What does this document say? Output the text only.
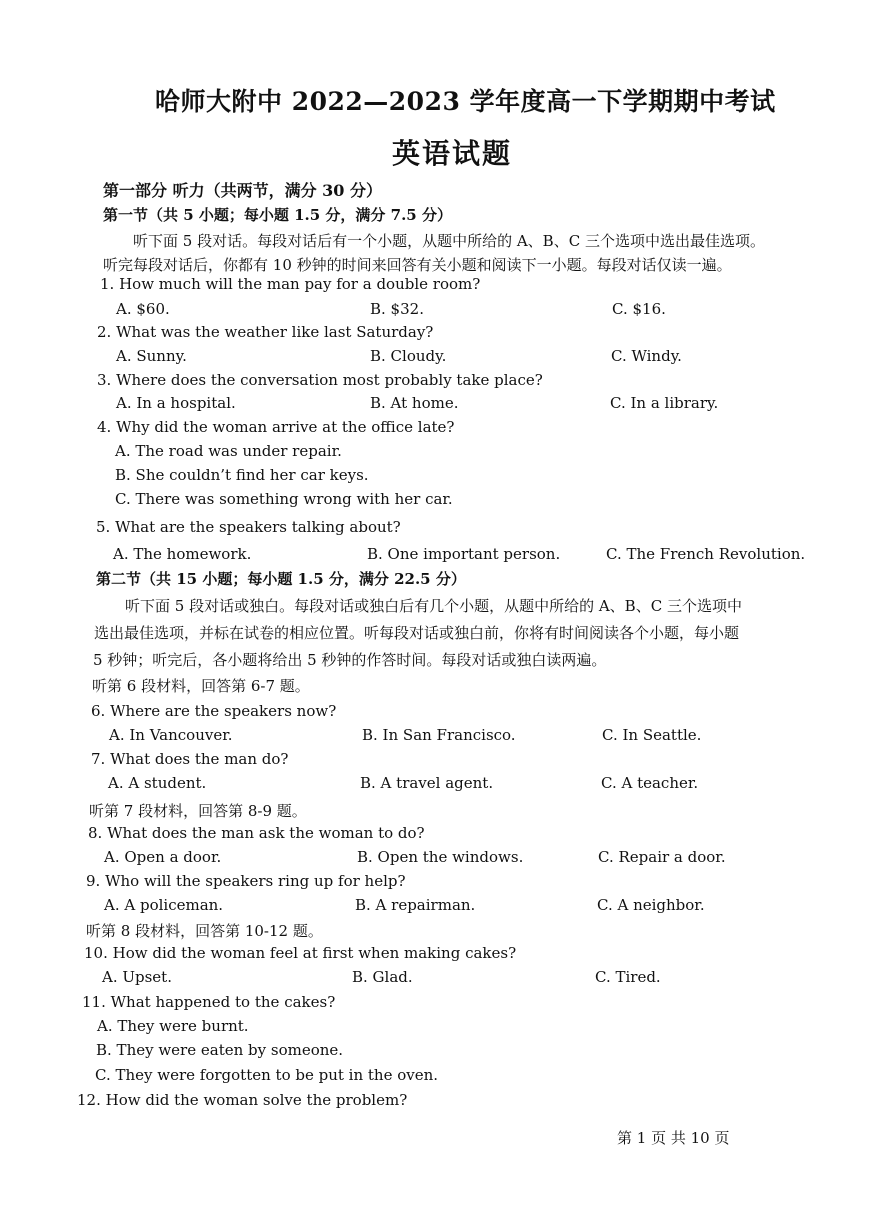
哈师大附中 2022—2023 学年度高一下学期期中考试
英语试题
第一部分 听力（共两节，满分 30 分）
第一节（共 5 小题；每小题 1.5 分，满分 7.5 分）
听下面 5 段对话。每段对话后有一个小题，从题中所给的 A、B、C 三个选项中选出最佳选项。
听完每段对话后，你都有 10 秒钟的时间来回答有关小题和阅读下一小题。每段对话仅读一遍。
1. How much will the man pay for a double room?
A. $60.	B. $32.	C. $16.
2. What was the weather like last Saturday?
A. Sunny.	B. Cloudy.	C. Windy.
3. Where does the conversation most probably take place?
A. In a hospital.	B. At home.	C. In a library.
4. Why did the woman arrive at the office late?
A. The road was under repair.
B. She couldn’t find her car keys.
C. There was something wrong with her car.
5. What are the speakers talking about?
A. The homework.	B. One important person.	C. The French Revolution.
第二节（共 15 小题；每小题 1.5 分，满分 22.5 分）
听下面 5 段对话或独白。每段对话或独白后有几个小题，从题中所给的 A、B、C 三个选项中
选出最佳选项，并标在试卷的相应位置。听每段对话或独白前，你将有时间阅读各个小题，每小题
5 秒钟；听完后，各小题将给出 5 秒钟的作答时间。每段对话或独白读两遍。
听第 6 段材料，回答第 6-7 题。
6. Where are the speakers now?
A. In Vancouver.	B. In San Francisco.	C. In Seattle.
7. What does the man do?
A. A student.	B. A travel agent.	C. A teacher.
听第 7 段材料，回答第 8-9 题。
8. What does the man ask the woman to do?
A. Open a door.	B. Open the windows.	C. Repair a door.
9. Who will the speakers ring up for help?
A. A policeman.	B. A repairman.	C. A neighbor.
听第 8 段材料，回答第 10-12 题。
10. How did the woman feel at first when making cakes?
A. Upset.	B. Glad.	C. Tired.
11. What happened to the cakes?
A. They were burnt.
B. They were eaten by someone.
C. They were forgotten to be put in the oven.
12. How did the woman solve the problem?
第 1 页 共 10 页
